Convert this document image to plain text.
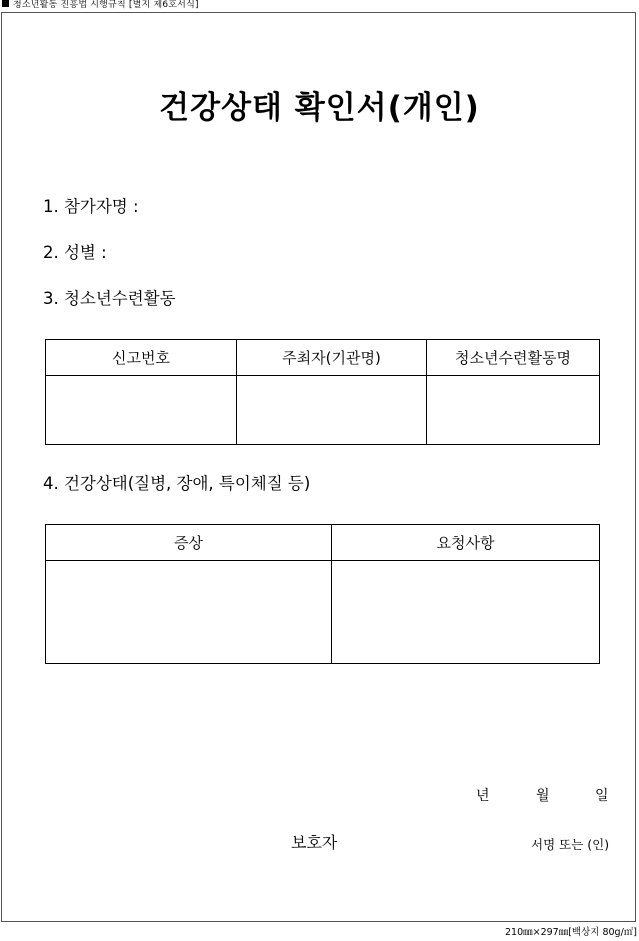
청소년활동 진흥법 시행규칙 [별지 제6호서식]
건강상태 확인서(개인)
1. 참가자명 :
2. 성별 :
3. 청소년수련활동
신고번호	주최자(기관명)	청소년수련활동명

4. 건강상태(질병, 장애, 특이체질 등)
증상	요청사항

년	월	일
보호자	서명 또는 (인)
210㎜×297㎜[백상지 80g/㎡]
